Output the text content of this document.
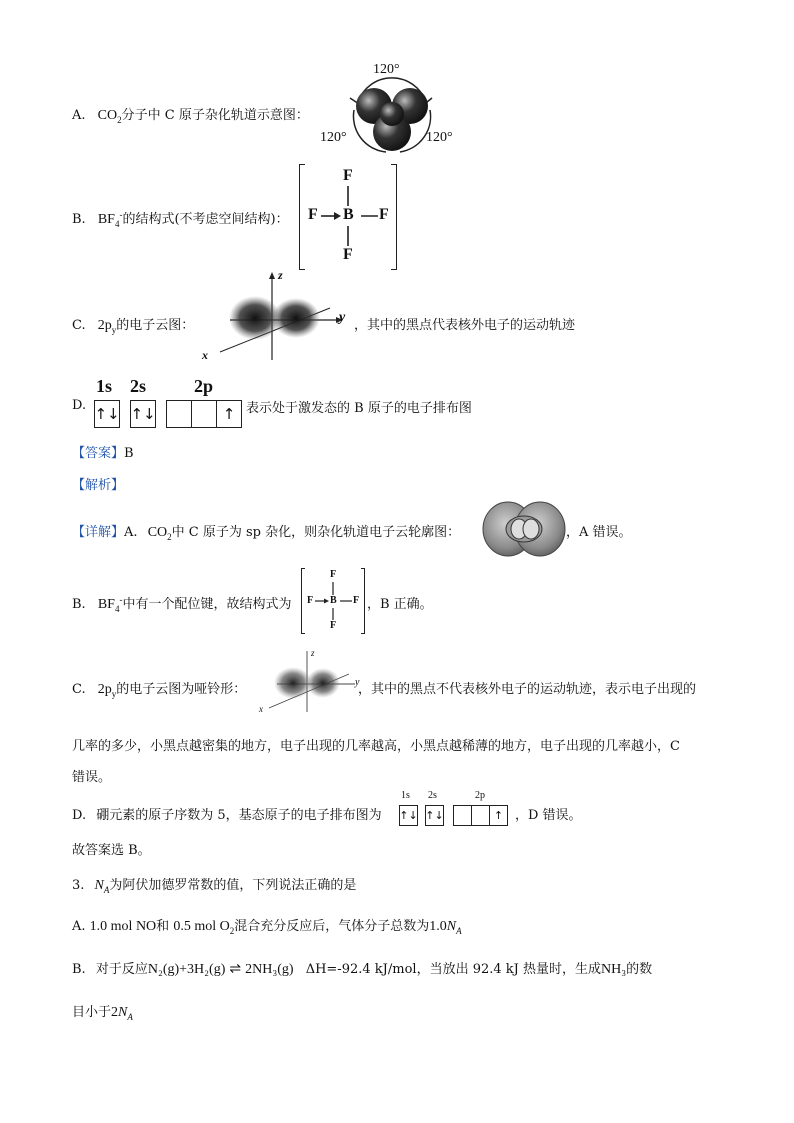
A. $CO_2$分子中 C 原子杂化轨道示意图：
120°
120°	120°
B. $BF_4^-$的结构式(不考虑空间结构)：
F
F B F
F
C. $2p_y$的电子云图：
z
y
x
，其中的黑点代表核外电子的运动轨迹
D.
1s 2s	2p
↑↓ ↑↓	↑ 表示处于激发态的 B 原子的电子排布图
【答案】B
【解析】
【详解】A. $CO_2$中 C 原子为 sp 杂化，则杂化轨道电子云轮廓图：	，A 错误。
B. $BF_4^-$中有一个配位键，故结构式为
F
F B F
F
，B 正确。
C. $2p_y$的电子云图为哑铃形：
z
y
x
，其中的黑点不代表核外电子的运动轨迹，表示电子出现的
几率的多少，小黑点越密集的地方，电子出现的几率越高，小黑点越稀薄的地方，电子出现的几率越小，C
错误。
D. 硼元素的原子序数为 5，基态原子的电子排布图为
1s 2s	2p
↑↓ ↑↓	↑ ，D 错误。
故答案选 B。
3. $N_A$为阿伏加德罗常数的值，下列说法正确的是
A. 1.0 mol NO和 0.5 mol $O_2$混合充分反应后，气体分子总数为$1.0N_A$
B. 对于反应N₂(g)+3H₂(g) ⇌ 2NH₃(g) ΔH=-92.4 kJ/mol，当放出 92.4 kJ 热量时，生成NH₃的数
目小于$2N_A$
